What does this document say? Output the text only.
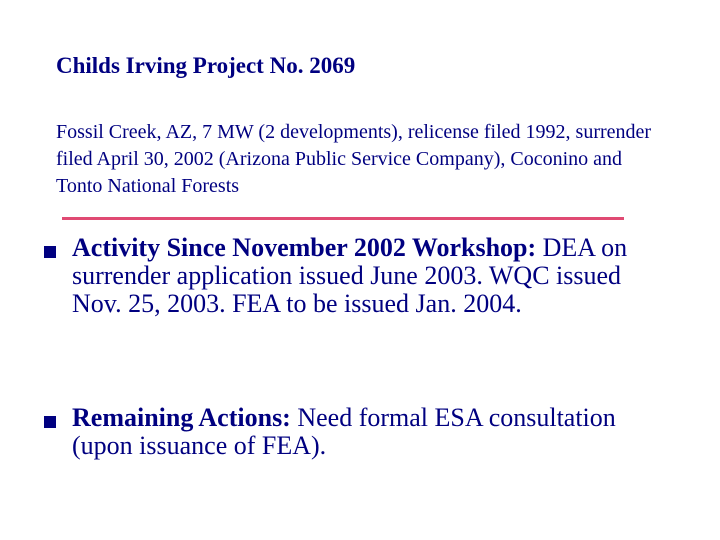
Childs Irving Project No. 2069
Fossil Creek, AZ, 7 MW (2 developments), relicense filed 1992, surrender filed April 30, 2002 (Arizona Public Service Company), Coconino and Tonto National Forests
Activity Since November 2002 Workshop: DEA on surrender application issued June 2003. WQC issued Nov. 25, 2003. FEA to be issued Jan. 2004.
Remaining Actions: Need formal ESA consultation (upon issuance of FEA).
